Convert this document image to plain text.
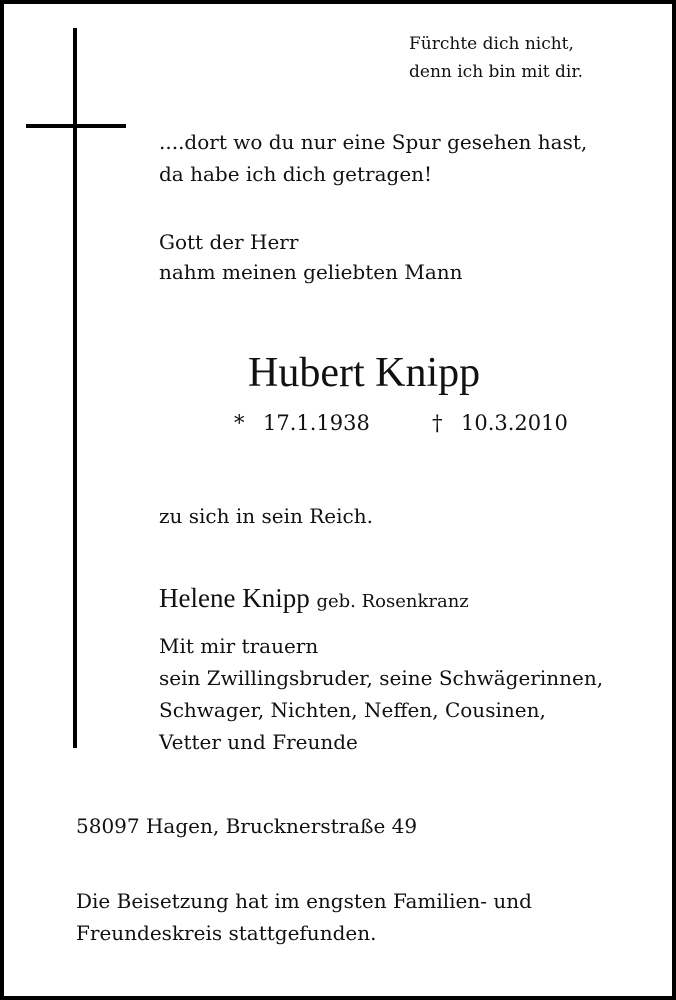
Fürchte dich nicht,

denn ich bin mit dir.

....dort wo du nur eine Spur gesehen hast,

da habe ich dich getragen!

Gott der Herr

nahm meinen geliebten Mann

Hubert Knipp

* 17.1.1938	† 10.3.2010

zu sich in sein Reich.

Helene Knipp geb. Rosenkranz

Mit mir trauern

sein Zwillingsbruder, seine Schwägerinnen,

Schwager, Nichten, Neffen, Cousinen,

Vetter und Freunde

58097 Hagen, Brucknerstraße 49

Die Beisetzung hat im engsten Familien- und

Freundeskreis stattgefunden.
